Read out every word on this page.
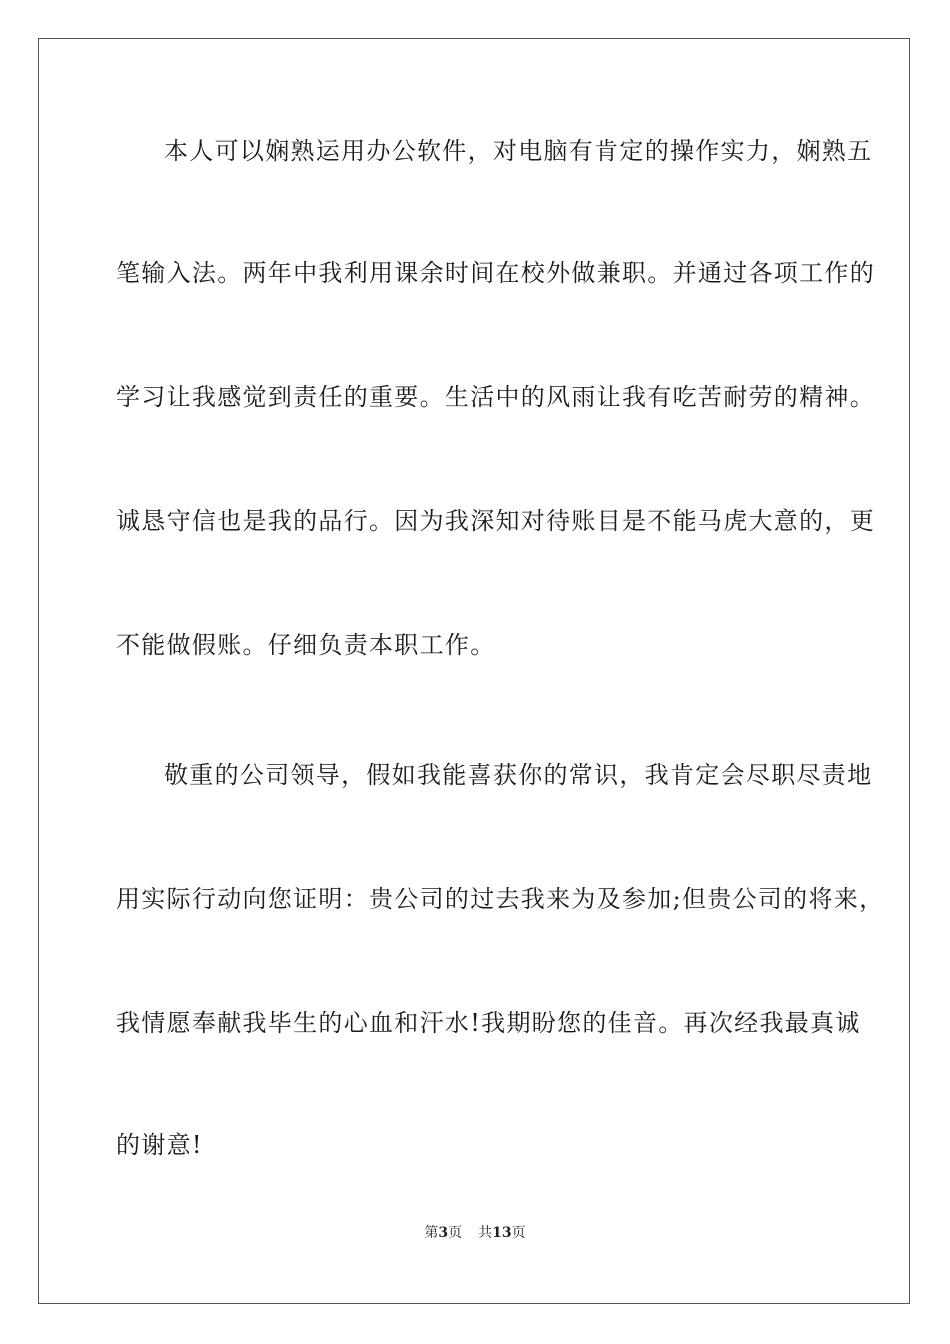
本人可以娴熟运用办公软件，对电脑有肯定的操作实力，娴熟五
笔输入法。两年中我利用课余时间在校外做兼职。并通过各项工作的
学习让我感觉到责任的重要。生活中的风雨让我有吃苦耐劳的精神。
诚恳守信也是我的品行。因为我深知对待账目是不能马虎大意的，更
不能做假账。仔细负责本职工作。
敬重的公司领导，假如我能喜获你的常识，我肯定会尽职尽责地
用实际行动向您证明：贵公司的过去我来为及参加;但贵公司的将来，
我情愿奉献我毕生的心血和汗水!我期盼您的佳音。再次经我最真诚
的谢意!
第3页 共13页
